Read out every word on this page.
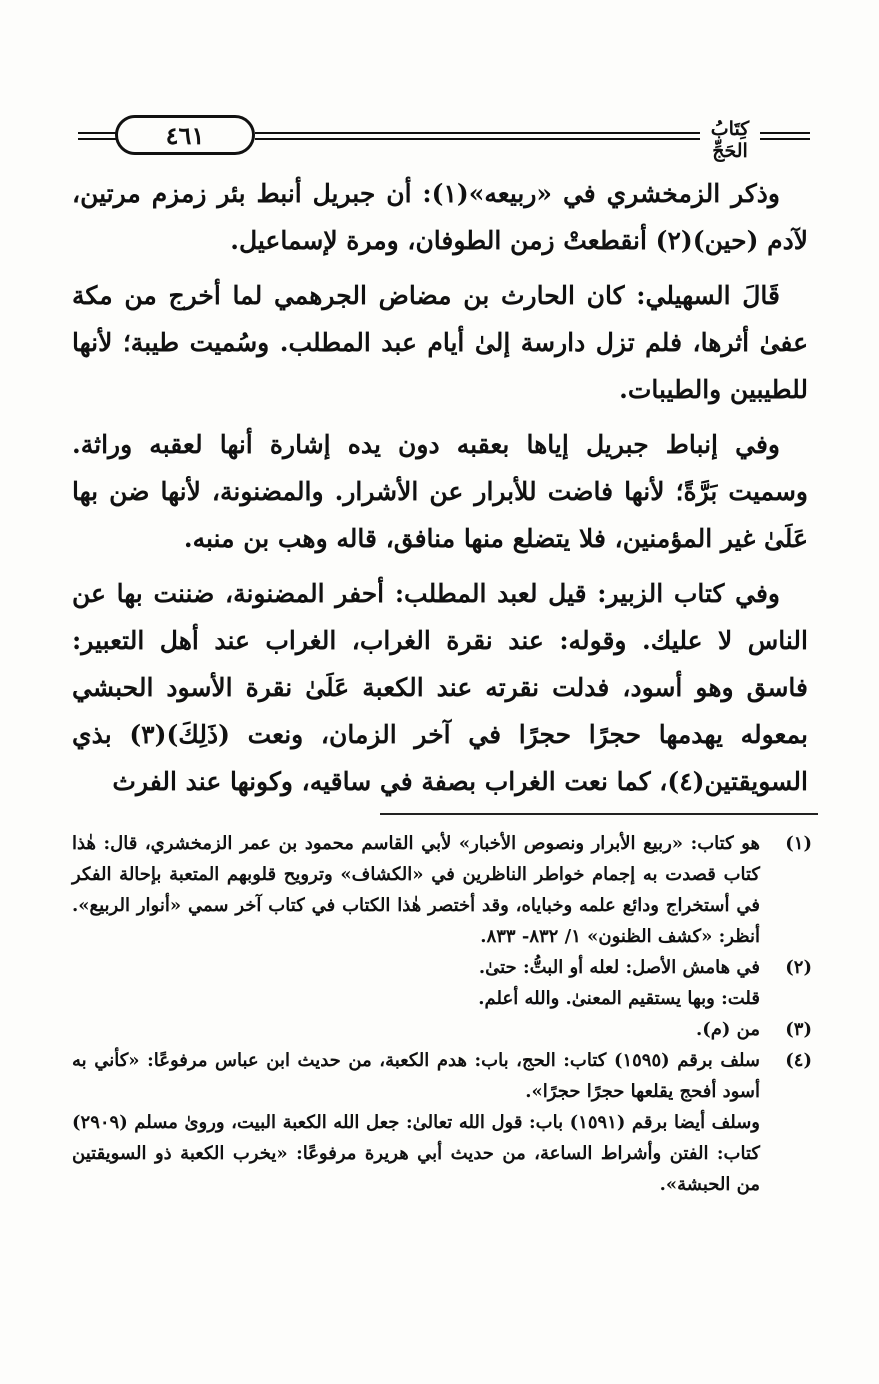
٤٦١	كِتَابُ الحَجِّ

وذكر الزمخشري في «ربيعه»(١): أن جبريل أنبط بئر زمزم مرتين، لآدم (حين)(٢) أنقطعتْ زمن الطوفان، ومرة لإسماعيل.

قَالَ السهيلي: كان الحارث بن مضاض الجرهمي لما أخرج من مكة عفىٰ أثرها، فلم تزل دارسة إلىٰ أيام عبد المطلب. وسُميت طيبة؛ لأنها للطيبين والطيبات.

وفي إنباط جبريل إياها بعقبه دون يده إشارة أنها لعقبه وراثة. وسميت بَرَّةً؛ لأنها فاضت للأبرار عن الأشرار. والمضنونة، لأنها ضن بها عَلَىٰ غير المؤمنين، فلا يتضلع منها منافق، قاله وهب بن منبه.

وفي كتاب الزبير: قيل لعبد المطلب: أحفر المضنونة، ضننت بها عن الناس لا عليك. وقوله: عند نقرة الغراب، الغراب عند أهل التعبير: فاسق وهو أسود، فدلت نقرته عند الكعبة عَلَىٰ نقرة الأسود الحبشي بمعوله يهدمها حجرًا حجرًا في آخر الزمان، ونعت (ذَلِكَ)(٣) بذي السويقتين(٤)، كما نعت الغراب بصفة في ساقيه، وكونها عند الفرث

(١)
هو كتاب: «ربيع الأبرار ونصوص الأخبار» لأبي القاسم محمود بن عمر الزمخشري، قال: هٰذا كتاب قصدت به إجمام خواطر الناظرين في «الكشاف» وترويح قلوبهم المتعبة بإحالة الفكر في أستخراج ودائع علمه وخباياه، وقد أختصر هٰذا الكتاب في كتاب آخر سمي «أنوار الربيع». أنظر: «كشف الظنون» ١/ ٨٣٢- ٨٣٣.
(٢)
في هامش الأصل: لعله أو البتُّ: حتىٰ.
قلت: وبها يستقيم المعنىٰ. والله أعلم.
(٣)
من (م).
(٤)
سلف برقم (١٥٩٥) كتاب: الحج، باب: هدم الكعبة، من حديث ابن عباس مرفوعًا: «كأني به أسود أفحج يقلعها حجرًا حجرًا».
وسلف أيضا برقم (١٥٩١) باب: قول الله تعالىٰ: جعل الله الكعبة البيت، وروىٰ مسلم (٢٩٠٩) كتاب: الفتن وأشراط الساعة، من حديث أبي هريرة مرفوعًا: «يخرب الكعبة ذو السويقتين من الحبشة».
